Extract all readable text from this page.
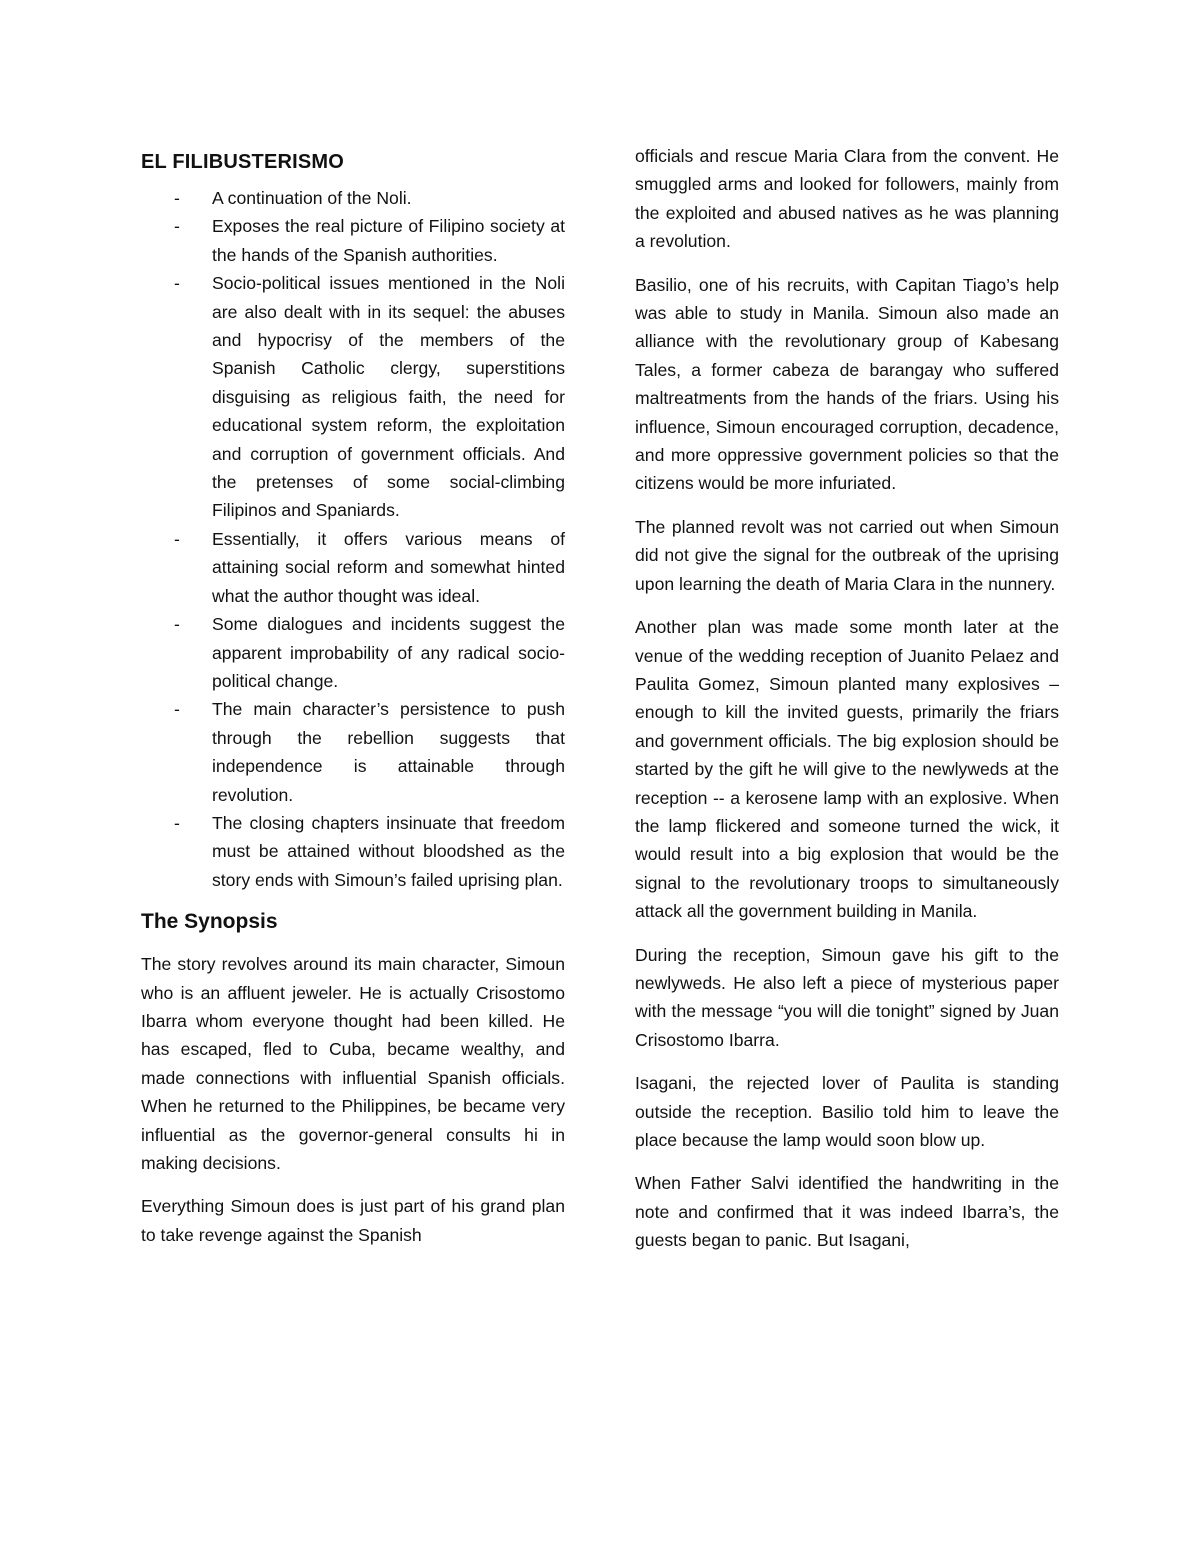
EL FILIBUSTERISMO
- A continuation of the Noli.
- Exposes the real picture of Filipino society at the hands of the Spanish authorities.
- Socio-political issues mentioned in the Noli are also dealt with in its sequel: the abuses and hypocrisy of the members of the Spanish Catholic clergy, superstitions disguising as religious faith, the need for educational system reform, the exploitation and corruption of government officials. And the pretenses of some social-climbing Filipinos and Spaniards.
- Essentially, it offers various means of attaining social reform and somewhat hinted what the author thought was ideal.
- Some dialogues and incidents suggest the apparent improbability of any radical socio-political change.
- The main character’s persistence to push through the rebellion suggests that independence is attainable through revolution.
- The closing chapters insinuate that freedom must be attained without bloodshed as the story ends with Simoun’s failed uprising plan.
The Synopsis

The story revolves around its main character, Simoun who is an affluent jeweler. He is actually Crisostomo Ibarra whom everyone thought had been killed. He has escaped, fled to Cuba, became wealthy, and made connections with influential Spanish officials. When he returned to the Philippines, be became very influential as the governor-general consults hi in making decisions.

Everything Simoun does is just part of his grand plan to take revenge against the Spanish

officials and rescue Maria Clara from the convent. He smuggled arms and looked for followers, mainly from the exploited and abused natives as he was planning a revolution.

Basilio, one of his recruits, with Capitan Tiago’s help was able to study in Manila. Simoun also made an alliance with the revolutionary group of Kabesang Tales, a former cabeza de barangay who suffered maltreatments from the hands of the friars. Using his influence, Simoun encouraged corruption, decadence, and more oppressive government policies so that the citizens would be more infuriated.

The planned revolt was not carried out when Simoun did not give the signal for the outbreak of the uprising upon learning the death of Maria Clara in the nunnery.

Another plan was made some month later at the venue of the wedding reception of Juanito Pelaez and Paulita Gomez, Simoun planted many explosives – enough to kill the invited guests, primarily the friars and government officials. The big explosion should be started by the gift he will give to the newlyweds at the reception -- a kerosene lamp with an explosive. When the lamp flickered and someone turned the wick, it would result into a big explosion that would be the signal to the revolutionary troops to simultaneously attack all the government building in Manila.

During the reception, Simoun gave his gift to the newlyweds. He also left a piece of mysterious paper with the message “you will die tonight” signed by Juan Crisostomo Ibarra.

Isagani, the rejected lover of Paulita is standing outside the reception. Basilio told him to leave the place because the lamp would soon blow up.

When Father Salvi identified the handwriting in the note and confirmed that it was indeed Ibarra’s, the guests began to panic. But Isagani,
